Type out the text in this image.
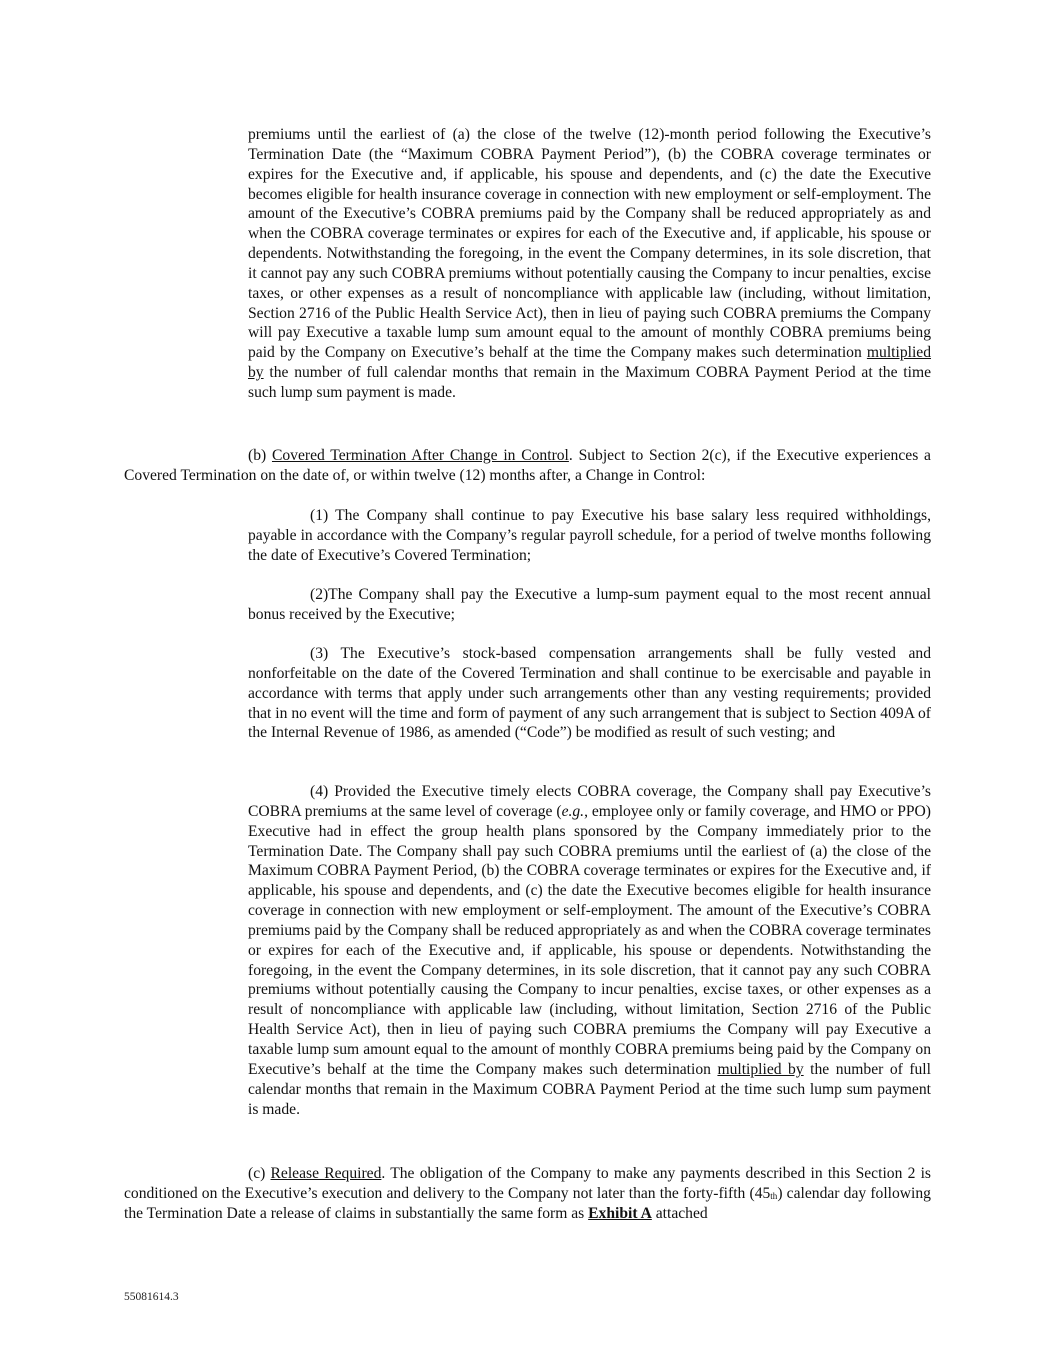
premiums until the earliest of (a) the close of the twelve (12)-month period following the Executive’s Termination Date (the “Maximum COBRA Payment Period”), (b) the COBRA coverage terminates or expires for the Executive and, if applicable, his spouse and dependents, and (c) the date the Executive becomes eligible for health insurance coverage in connection with new employment or self-employment. The amount of the Executive’s COBRA premiums paid by the Company shall be reduced appropriately as and when the COBRA coverage terminates or expires for each of the Executive and, if applicable, his spouse or dependents. Notwithstanding the foregoing, in the event the Company determines, in its sole discretion, that it cannot pay any such COBRA premiums without potentially causing the Company to incur penalties, excise taxes, or other expenses as a result of noncompliance with applicable law (including, without limitation, Section 2716 of the Public Health Service Act), then in lieu of paying such COBRA premiums the Company will pay Executive a taxable lump sum amount equal to the amount of monthly COBRA premiums being paid by the Company on Executive’s behalf at the time the Company makes such determination multiplied by the number of full calendar months that remain in the Maximum COBRA Payment Period at the time such lump sum payment is made.

(b) Covered Termination After Change in Control. Subject to Section 2(c), if the Executive experiences a Covered Termination on the date of, or within twelve (12) months after, a Change in Control:

(1) The Company shall continue to pay Executive his base salary less required withholdings, payable in accordance with the Company’s regular payroll schedule, for a period of twelve months following the date of Executive’s Covered Termination;

(2)The Company shall pay the Executive a lump-sum payment equal to the most recent annual bonus received by the Executive;

(3) The Executive’s stock-based compensation arrangements shall be fully vested and nonforfeitable on the date of the Covered Termination and shall continue to be exercisable and payable in accordance with terms that apply under such arrangements other than any vesting requirements; provided that in no event will the time and form of payment of any such arrangement that is subject to Section 409A of the Internal Revenue of 1986, as amended (“Code”) be modified as result of such vesting; and

(4) Provided the Executive timely elects COBRA coverage, the Company shall pay Executive’s COBRA premiums at the same level of coverage (e.g., employee only or family coverage, and HMO or PPO) Executive had in effect the group health plans sponsored by the Company immediately prior to the Termination Date. The Company shall pay such COBRA premiums until the earliest of (a) the close of the Maximum COBRA Payment Period, (b) the COBRA coverage terminates or expires for the Executive and, if applicable, his spouse and dependents, and (c) the date the Executive becomes eligible for health insurance coverage in connection with new employment or self-employment. The amount of the Executive’s COBRA premiums paid by the Company shall be reduced appropriately as and when the COBRA coverage terminates or expires for each of the Executive and, if applicable, his spouse or dependents. Notwithstanding the foregoing, in the event the Company determines, in its sole discretion, that it cannot pay any such COBRA premiums without potentially causing the Company to incur penalties, excise taxes, or other expenses as a result of noncompliance with applicable law (including, without limitation, Section 2716 of the Public Health Service Act), then in lieu of paying such COBRA premiums the Company will pay Executive a taxable lump sum amount equal to the amount of monthly COBRA premiums being paid by the Company on Executive’s behalf at the time the Company makes such determination multiplied by the number of full calendar months that remain in the Maximum COBRA Payment Period at the time such lump sum payment is made.

(c) Release Required. The obligation of the Company to make any payments described in this Section 2 is conditioned on the Executive’s execution and delivery to the Company not later than the forty-fifth (45th) calendar day following the Termination Date a release of claims in substantially the same form as Exhibit A attached

55081614.3
